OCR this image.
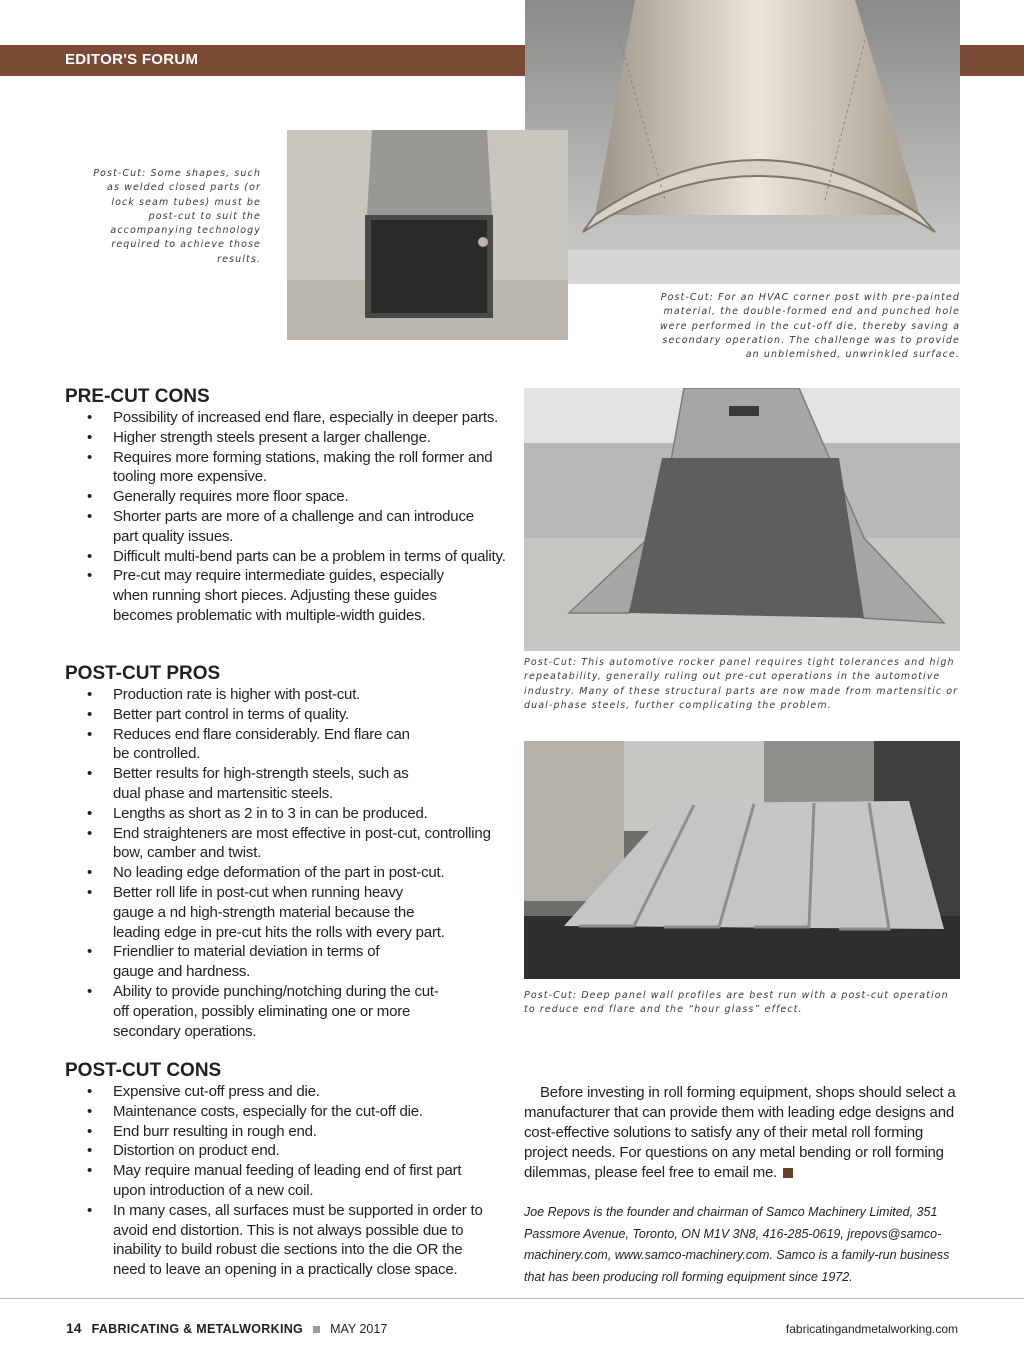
EDITOR'S FORUM

Post-Cut: Some shapes, such as welded closed parts (or lock seam tubes) must be post-cut to suit the accompanying technology required to achieve those results.

Post-Cut: For an HVAC corner post with pre-painted material, the double-formed end and punched hole were performed in the cut-off die, thereby saving a secondary operation. The challenge was to provide an unblemished, unwrinkled surface.

Post-Cut: This automotive rocker panel requires tight tolerances and high repeatability, generally ruling out pre-cut operations in the automotive industry. Many of these structural parts are now made from martensitic or dual-phase steels, further complicating the problem.

Post-Cut: Deep panel wall profiles are best run with a post-cut operation to reduce end flare and the “hour glass” effect.

PRE-CUT CONS
• Possibility of increased end flare, especially in deeper parts.
• Higher strength steels present a larger challenge.
• Requires more forming stations, making the roll former and tooling more expensive.
• Generally requires more floor space.
• Shorter parts are more of a challenge and can introduce part quality issues.
• Difficult multi-bend parts can be a problem in terms of quality.
• Pre-cut may require intermediate guides, especially when running short pieces. Adjusting these guides becomes problematic with multiple-width guides.
POST-CUT PROS
• Production rate is higher with post-cut.
• Better part control in terms of quality.
• Reduces end flare considerably. End flare can be controlled.
• Better results for high-strength steels, such as dual phase and martensitic steels.
• Lengths as short as 2 in to 3 in can be produced.
• End straighteners are most effective in post-cut, controlling bow, camber and twist.
• No leading edge deformation of the part in post-cut.
• Better roll life in post-cut when running heavy gauge a nd high-strength material because the leading edge in pre-cut hits the rolls with every part.
• Friendlier to material deviation in terms of gauge and hardness.
• Ability to provide punching/notching during the cut-off operation, possibly eliminating one or more secondary operations.
POST-CUT CONS
• Expensive cut-off press and die.
• Maintenance costs, especially for the cut-off die.
• End burr resulting in rough end.
• Distortion on product end.
• May require manual feeding of leading end of first part upon introduction of a new coil.
• In many cases, all surfaces must be supported in order to avoid end distortion. This is not always possible due to inability to build robust die sections into the die OR the need to leave an opening in a practically close space.

Before investing in roll forming equipment, shops should select a manufacturer that can provide them with leading edge designs and cost-effective solutions to satisfy any of their metal roll forming project needs. For questions on any metal bending or roll forming dilemmas, please feel free to email me.

Joe Repovs is the founder and chairman of Samco Machinery Limited, 351 Passmore Avenue, Toronto, ON M1V 3N8, 416-285-0619, jrepovs@samco-machinery.com, www.samco-machinery.com. Samco is a family-run business that has been producing roll forming equipment since 1972.

14 FABRICATING & METALWORKING MAY 2017	fabricatingandmetalworking.com
